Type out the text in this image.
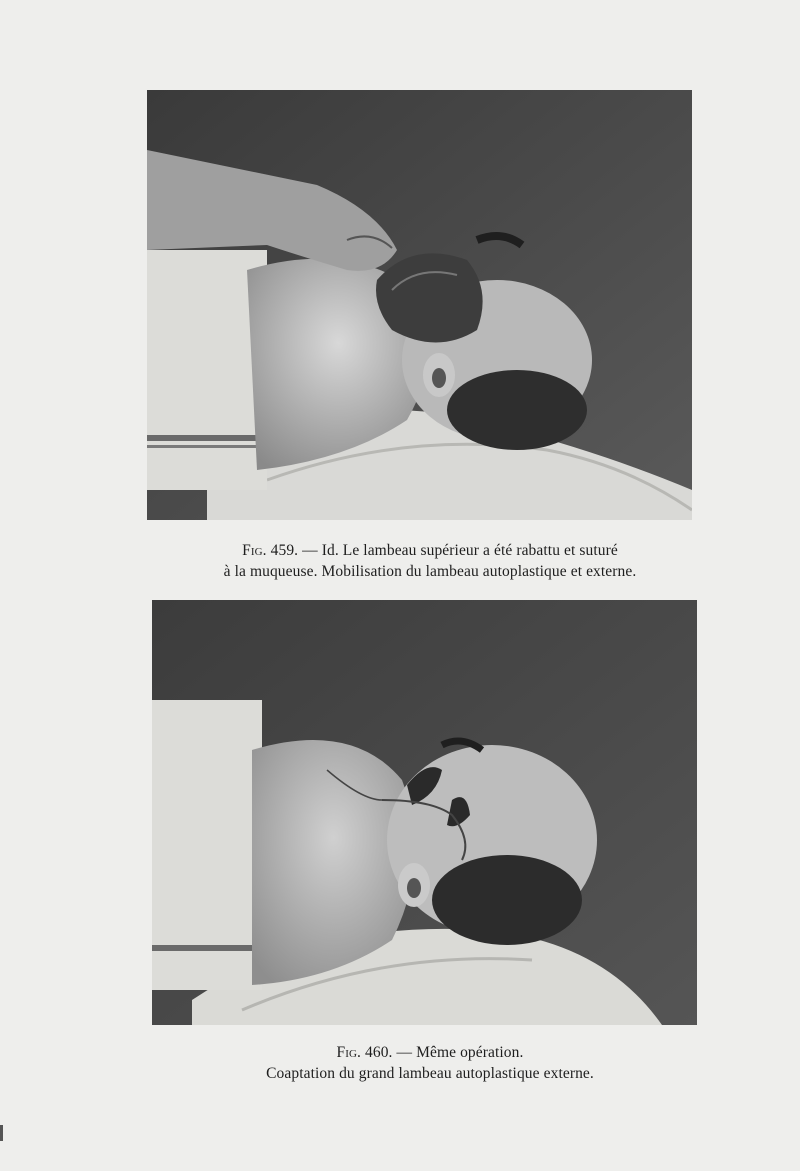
Fig. 459. — Id. Le lambeau supérieur a été rabattu et suturé
à la muqueuse. Mobilisation du lambeau autoplastique et externe.
Fig. 460. — Même opération.
Coaptation du grand lambeau autoplastique externe.
